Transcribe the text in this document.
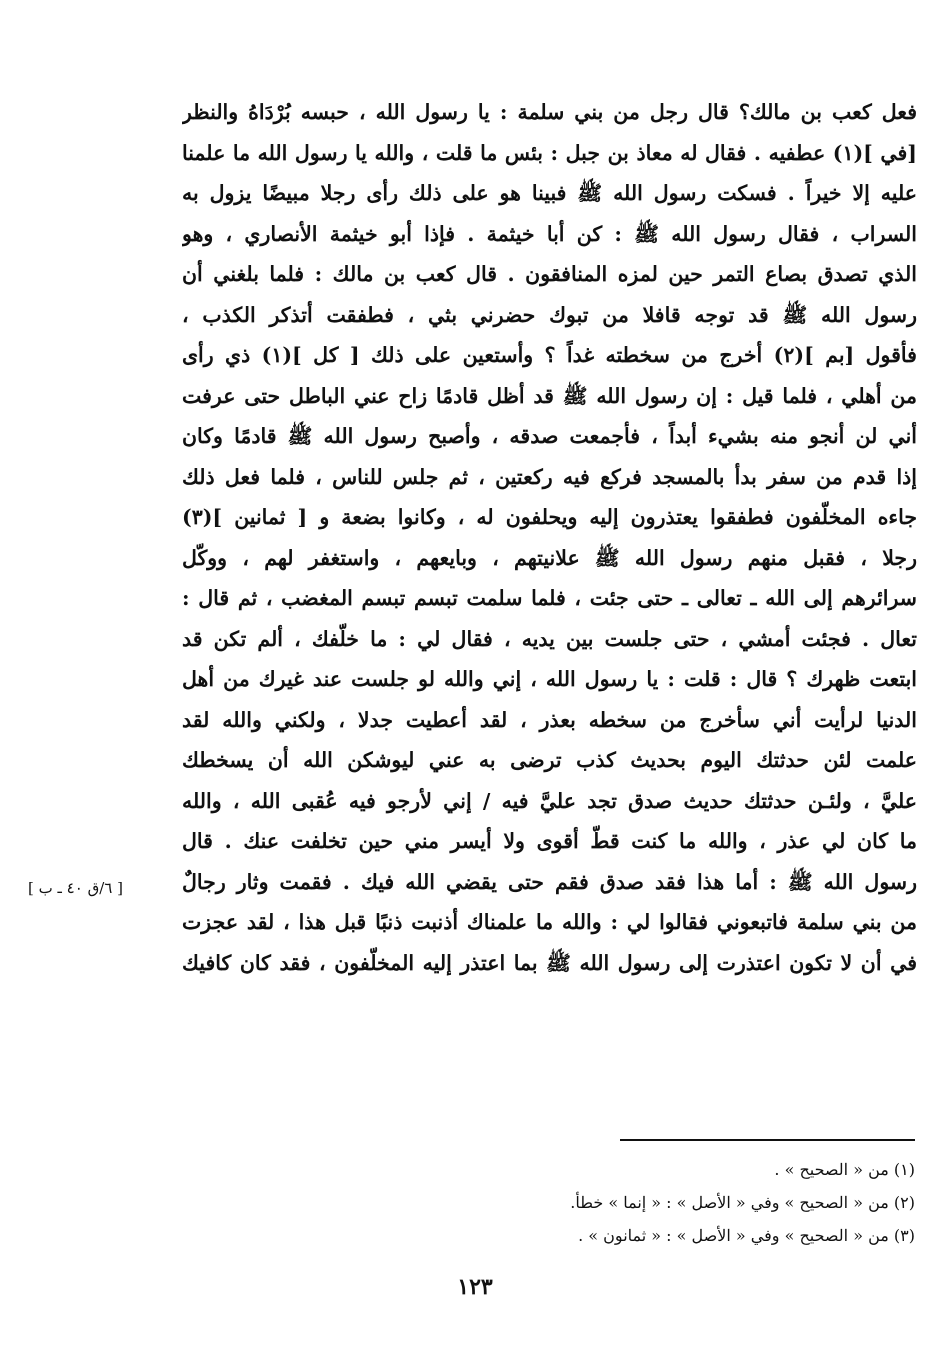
فعل كعب بن مالك؟ قال رجل من بني سلمة : يا رسول الله ، حبسه بُرْدَاهُ والنظر
[في ](١) عطفيه . فقال له معاذ بن جبل : بئس ما قلت ، والله يا رسول الله ما علمنا
عليه إلا خيراً . فسكت رسول الله ﷺ فبينا هو على ذلك رأى رجلا مبيضًا يزول به
السراب ، فقال رسول الله ﷺ : كن أبا خيثمة . فإذا أبو خيثمة الأنصاري ، وهو
الذي تصدق بصاع التمر حين لمزه المنافقون . قال كعب بن مالك : فلما بلغني أن
رسول الله ﷺ قد توجه قافلا من تبوك حضرني بثي ، فطفقت أتذكر الكذب ،
فأقول [بم ](٢) أخرج من سخطته غداً ؟ وأستعين على ذلك [ كل ](١) ذي رأى
من أهلي ، فلما قيل : إن رسول الله ﷺ قد أظل قادمًا زاح عني الباطل حتى عرفت
أني لن أنجو منه بشيء أبداً ، فأجمعت صدقه ، وأصبح رسول الله ﷺ قادمًا وكان
إذا قدم من سفر بدأ بالمسجد فركع فيه ركعتين ، ثم جلس للناس ، فلما فعل ذلك
جاءه المخلّفون فطفقوا يعتذرون إليه ويحلفون له ، وكانوا بضعة و [ ثمانين ](٣)
رجلا ، فقبل منهم رسول الله ﷺ علانيتهم ، وبايعهم ، واستغفر لهم ، ووكّل
سرائرهم إلى الله ـ تعالى ـ حتى جئت ، فلما سلمت تبسم تبسم المغضب ، ثم قال :
تعال . فجئت أمشي ، حتى جلست بين يديه ، فقال لي : ما خلّفك ، ألم تكن قد
ابتعت ظهرك ؟ قال : قلت : يا رسول الله ، إني والله لو جلست عند غيرك من أهل
الدنيا لرأيت أني سأخرج من سخطه بعذر ، لقد أعطيت جدلا ، ولكني والله لقد
علمت لئن حدثتك اليوم بحديث كذب ترضى به عني ليوشكن الله أن يسخطك
عليَّ ، ولئـن حدثتك حديث صدق تجد عليَّ فيه / إني لأرجو فيه عُقبى الله ، والله
ما كان لي عذر ، والله ما كنت قطّ أقوى ولا أيسر مني حين تخلفت عنك . قال
رسول الله ﷺ : أما هذا فقد صدق فقم حتى يقضي الله فيك . فقمت وثار رجالٌ
من بني سلمة فاتبعوني فقالوا لي : والله ما علمناك أذنبت ذنبًا قبل هذا ، لقد عجزت
في أن لا تكون اعتذرت إلى رسول الله ﷺ بما اعتذر إليه المخلّفون ، فقد كان كافيك
[ ٦/ق ٤٠ ـ ب ]
(١) من « الصحيح » .
(٢) من « الصحيح » وفي « الأصل » : « إنما » خطأ.
(٣) من « الصحيح » وفي « الأصل » : « ثمانون » .
١٢٣
